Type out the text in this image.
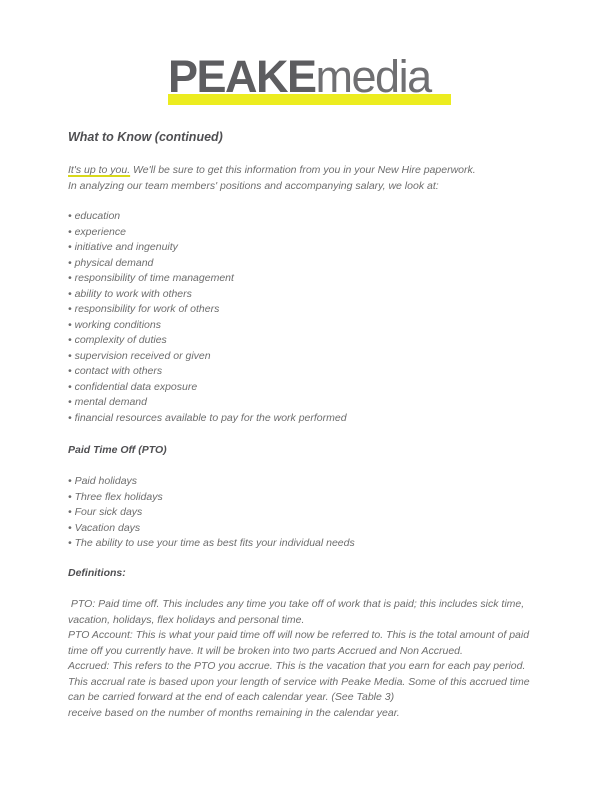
PEAKEmedia
What to Know (continued)
It's up to you. We'll be sure to get this information from you in your New Hire paperwork.
In analyzing our team members' positions and accompanying salary, we look at:
• education
• experience
• initiative and ingenuity
• physical demand
• responsibility of time management
• ability to work with others
• responsibility for work of others
• working conditions
• complexity of duties
• supervision received or given
• contact with others
• confidential data exposure
• mental demand
• financial resources available to pay for the work performed
Paid Time Off (PTO)
• Paid holidays
• Three flex holidays
• Four sick days
• Vacation days
• The ability to use your time as best fits your individual needs
Definitions:

PTO: Paid time off. This includes any time you take off of work that is paid; this includes sick time, vacation, holidays, flex holidays and personal time.

PTO Account: This is what your paid time off will now be referred to. This is the total amount of paid time off you currently have. It will be broken into two parts Accrued and Non Accrued.

Accrued: This refers to the PTO you accrue. This is the vacation that you earn for each pay period. This accrual rate is based upon your length of service with Peake Media. Some of this accrued time can be carried forward at the end of each calendar year. (See Table 3)

receive based on the number of months remaining in the calendar year.
